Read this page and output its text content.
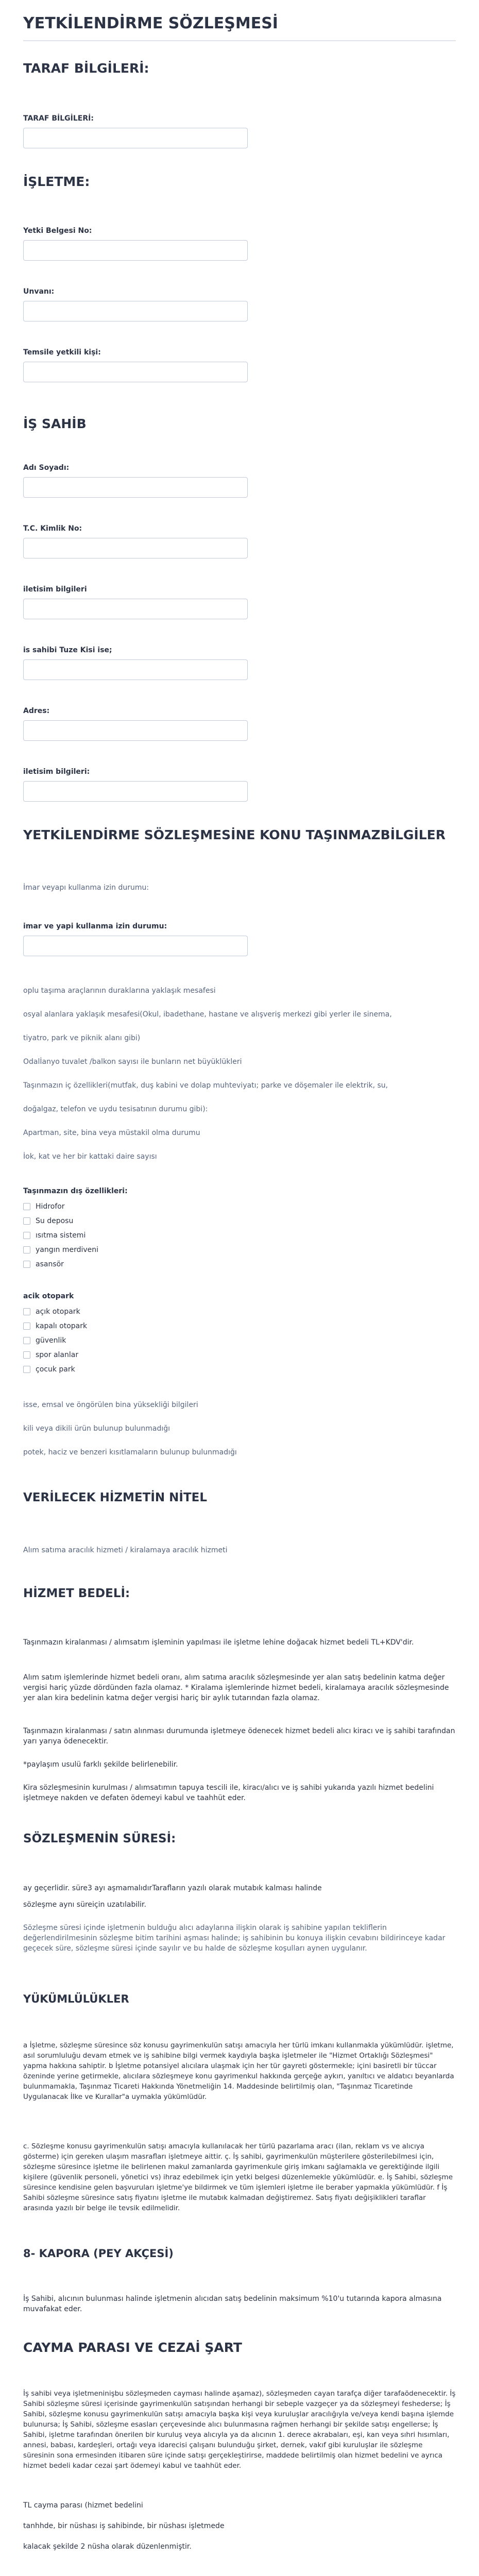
YETKİLENDİRME SÖZLEŞMESİ
TARAF BİLGİLERİ:
TARAF BİLGİLERİ:
İŞLETME:
Yetki Belgesi No:
Unvanı:
Temsile yetkili kişi:
İŞ SAHİB
Adı Soyadı:
T.C. Kimlik No:
iletisim bilgileri
is sahibi Tuze Kisi ise;
Adres:
iletisim bilgileri:
YETKİLENDİRME SÖZLEŞMESİNE KONU TAŞINMAZBİLGİLER
İmar veyapı kullanma izin durumu:
imar ve yapi kullanma izin durumu:
oplu taşıma araçlarının duraklarına yaklaşık mesafesi
osyal alanlara yaklaşık mesafesi(Okul, ibadethane, hastane ve alışveriş merkezi gibi yerler ile sinema,
tiyatro, park ve piknik alanı gibi)
Odalİanyo tuvalet /balkon sayısı ile bunların net büyüklükleri
Taşınmazın iç özellikleri(mutfak, duş kabini ve dolap muhteviyatı; parke ve döşemaler ile elektrik, su,
doğalgaz, telefon ve uydu tesisatının durumu gibi):
Apartman, site, bina veya müstakil olma durumu
İok, kat ve her bir kattaki daire sayısı
Taşınmazın dış özellikleri:
Hidrofor
Su deposu
ısıtma sistemi
yangın merdiveni
asansör
acik otopark
açık otopark
kapalı otopark
güvenlik
spor alanlar
çocuk park
isse, emsal ve öngörülen bina yüksekliği bilgileri
kili veya dikili ürün bulunup bulunmadığı
potek, haciz ve benzeri kısıtlamaların bulunup bulunmadığı
VERİLECEK HİZMETİN NİTEL
Alım satıma aracılık hizmeti / kiralamaya aracılık hizmeti
HİZMET BEDELİ:
Taşınmazın kiralanması / alımsatım işleminin yapılması ile işletme lehine doğacak hizmet bedeli TL+KDV'dir.
Alım satım işlemlerinde hizmet bedeli oranı, alım satıma aracılık sözleşmesinde yer alan satış bedelinin katma değer vergisi hariç yüzde dördünden fazla olamaz. * Kiralama işlemlerinde hizmet bedeli, kiralamaya aracılık sözleşmesinde yer alan kira bedelinin katma değer vergisi hariç bir aylık tutarından fazla olamaz.
Taşınmazın kiralanması / satın alınması durumunda işletmeye ödenecek hizmet bedeli alıcı kiracı ve iş sahibi tarafından yarı yarıya ödenecektir.
*paylaşım usulü farklı şekilde belirlenebilir.
Kira sözleşmesinin kurulması / alımsatımın tapuya tescili ile, kiracı/alıcı ve iş sahibi yukarıda yazılı hizmet bedelini işletmeye nakden ve defaten ödemeyi kabul ve taahhüt eder.
SÖZLEŞMENİN SÜRESİ:
ay geçerlidir. süre3 ayı aşmamalıdırTarafların yazılı olarak mutabık kalması halinde
sözleşme aynı süreiçin uzatılabilir.
Sözleşme süresi içinde işletmenin bulduğu alıcı adaylarına ilişkin olarak iş sahibine yapılan tekliflerin değerlendirilmesinin sözleşme bitim tarihini aşması halinde; iş sahibinin bu konuya ilişkin cevabını bildirinceye kadar geçecek süre, sözleşme süresi içinde sayılır ve bu halde de sözleşme koşulları aynen uygulanır.
YÜKÜMLÜLÜKLER
a İşletme, sözleşme süresince söz konusu gayrimenkulün satışı amacıyla her türlü imkanı kullanmakla yükümlüdür. işletme, asıl sorumluluğu devam etmek ve iş sahibine bilgi vermek kaydıyla başka işletmeler ile "Hizmet Ortaklığı Sözleşmesi" yapma hakkına sahiptir. b İşletme potansiyel alıcılara ulaşmak için her tür gayreti göstermekle; içini basiretli bir tüccar özeninde yerine getirmekle, alıcılara sözleşmeye konu gayrimenkul hakkında gerçeğe aykırı, yanıltıcı ve aldatıcı beyanlarda bulunmamakla, Taşınmaz Ticareti Hakkında Yönetmeliğin 14. Maddesinde belirtilmiş olan, "Taşınmaz Ticaretinde Uygulanacak İlke ve Kurallar"a uymakla yükümlüdür.
c. Sözleşme konusu gayrimenkulün satışı amacıyla kullanılacak her türlü pazarlama aracı (ilan, reklam vs ve alıcıya gösterme) için gereken ulaşım masrafları işletmeye aittir. ç. İş sahibi, gayrimenkulün müşterilere gösterilebilmesi için, sözleşme süresince işletme ile belirlenen makul zamanlarda gayrimenkule giriş imkanı sağlamakla ve gerektiğinde ilgili kişilere (güvenlik personeli, yönetici vs) ihraz edebilmek için yetki belgesi düzenlemekle yükümlüdür. e. İş Sahibi, sözleşme süresince kendisine gelen başvuruları işletme'ye bildirmek ve tüm işlemleri işletme ile beraber yapmakla yükümlüdür. f İş Sahibi sözleşme süresince satış fiyatını işletme ile mutabık kalmadan değiştiremez. Satış fiyatı değişiklikleri taraflar arasında yazılı bir belge ile tevsik edilmelidir.
8- KAPORA (PEY AKÇESİ)
İş Sahibi, alıcının bulunması halinde işletmenin alıcıdan satış bedelinin maksimum %10'u tutarında kapora almasına muvafakat eder.
CAYMA PARASI VE CEZAİ ŞART
İş sahibi veya işletmeninişbu sözleşmeden cayması halinde aşamaz), sözleşmeden cayan tarafça diğer tarafaödenecektir. İş Sahibi sözleşme süresi içerisinde gayrimenkulün satışından herhangi bir sebeple vazgeçer ya da sözleşmeyi feshederse; İş Sahibi, sözleşme konusu gayrimenkulün satışı amacıyla başka kişi veya kuruluşlar aracılığıyla ve/veya kendi başına işlemde bulunursa; İş Sahibi, sözleşme esasları çerçevesinde alıcı bulunmasına rağmen herhangi bir şekilde satışı engellerse; İş Sahibi, işletme tarafından önerilen bir kuruluş veya alıcıyla ya da alıcının 1. derece akrabaları, eşi, kan veya sıhri hısımları, annesi, babası, kardeşleri, ortağı veya idarecisi çalışanı bulunduğu şirket, dernek, vakıf gibi kuruluşlar ile sözleşme süresinin sona ermesinden itibaren süre içinde satışı gerçekleştirirse, maddede belirtilmiş olan hizmet bedelini ve ayrıca hizmet bedeli kadar cezai şart ödemeyi kabul ve taahhüt eder.
TL cayma parası (hizmet bedelini
tanhhde, bir nüshası iş sahibinde, bir nüshası işletmede
kalacak şekilde 2 nüsha olarak düzenlenmiştir.
